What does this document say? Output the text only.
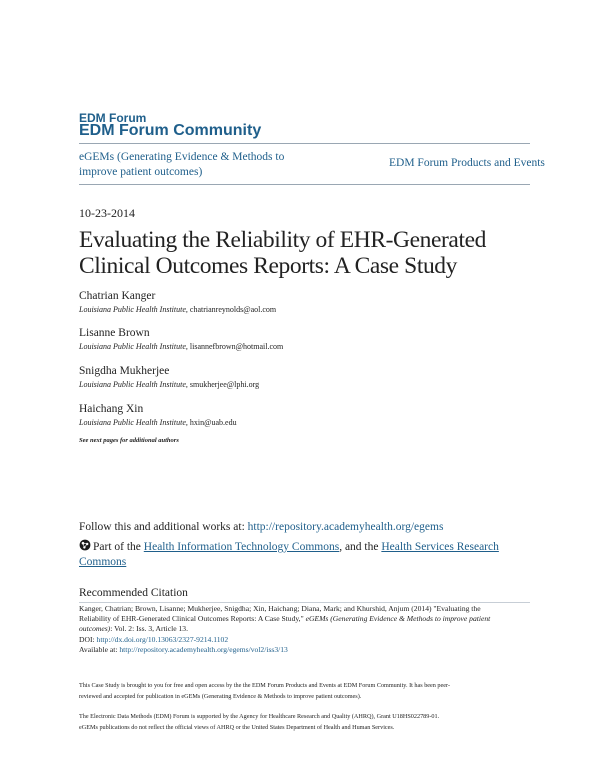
EDM Forum
EDM Forum Community
eGEMs (Generating Evidence & Methods to improve patient outcomes)
EDM Forum Products and Events
10-23-2014
Evaluating the Reliability of EHR-Generated
Clinical Outcomes Reports: A Case Study
Chatrian Kanger
Louisiana Public Health Institute, chatrianreynolds@aol.com
Lisanne Brown
Louisiana Public Health Institute, lisannefbrown@hotmail.com
Snigdha Mukherjee
Louisiana Public Health Institute, smukherjee@lphi.org
Haichang Xin
Louisiana Public Health Institute, hxin@uab.edu
See next pages for additional authors
Follow this and additional works at: http://repository.academyhealth.org/egems
Part of the Health Information Technology Commons, and the Health Services Research
Commons
Recommended Citation
Kanger, Chatrian; Brown, Lisanne; Mukherjee, Snigdha; Xin, Haichang; Diana, Mark; and Khurshid, Anjum (2014) "Evaluating the
Reliability of EHR-Generated Clinical Outcomes Reports: A Case Study," eGEMs (Generating Evidence & Methods to improve patient
outcomes): Vol. 2: Iss. 3, Article 13.
DOI: http://dx.doi.org/10.13063/2327-9214.1102
Available at: http://repository.academyhealth.org/egems/vol2/iss3/13
This Case Study is brought to you for free and open access by the the EDM Forum Products and Events at EDM Forum Community. It has been peer-
reviewed and accepted for publication in eGEMs (Generating Evidence & Methods to improve patient outcomes).
The Electronic Data Methods (EDM) Forum is supported by the Agency for Healthcare Research and Quality (AHRQ), Grant U18HS022789-01.
eGEMs publications do not reflect the official views of AHRQ or the United States Department of Health and Human Services.
